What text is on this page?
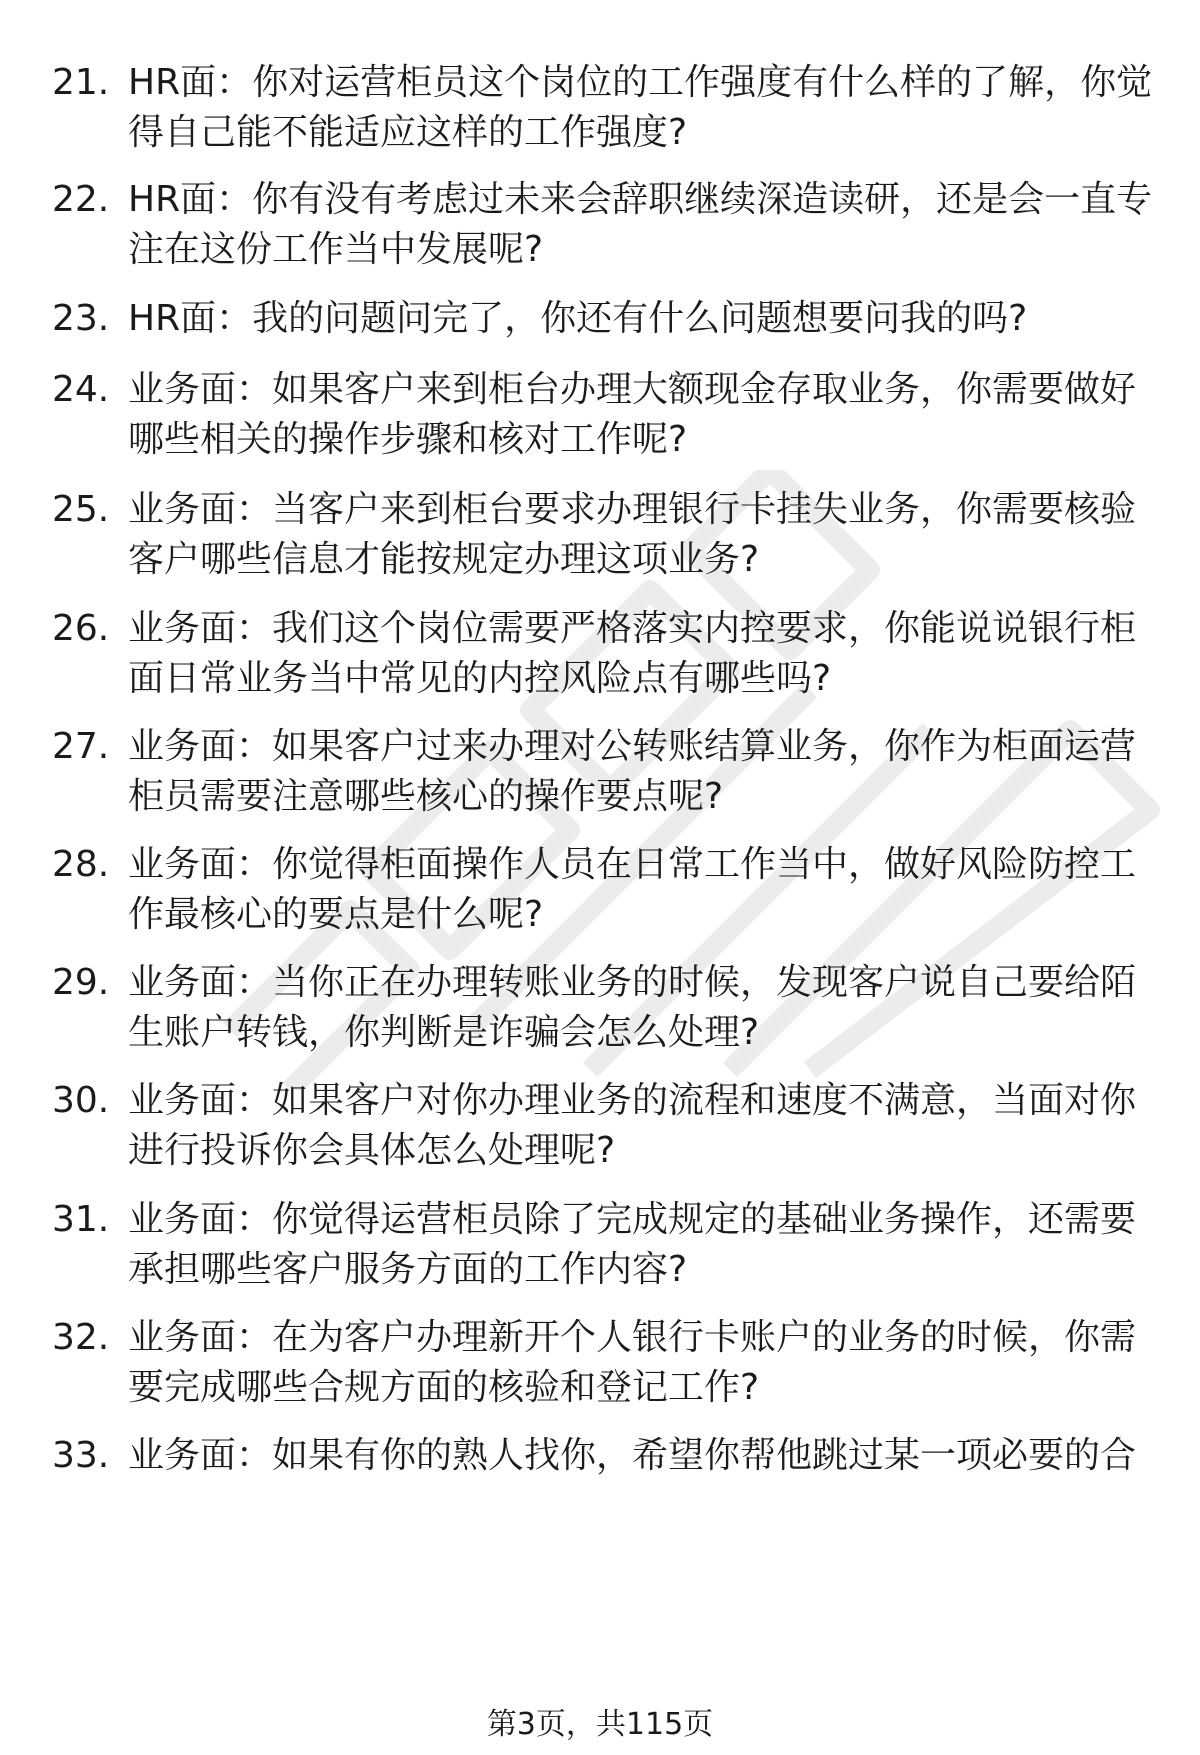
21. HR面：你对运营柜员这个岗位的工作强度有什么样的了解，你觉
得自己能不能适应这样的工作强度?
22. HR面：你有没有考虑过未来会辞职继续深造读研，还是会一直专
注在这份工作当中发展呢?
23. HR面：我的问题问完了，你还有什么问题想要问我的吗?
24. 业务面：如果客户来到柜台办理大额现金存取业务，你需要做好
哪些相关的操作步骤和核对工作呢?
25. 业务面：当客户来到柜台要求办理银行卡挂失业务，你需要核验
客户哪些信息才能按规定办理这项业务?
26. 业务面：我们这个岗位需要严格落实内控要求，你能说说银行柜
面日常业务当中常见的内控风险点有哪些吗?
27. 业务面：如果客户过来办理对公转账结算业务，你作为柜面运营
柜员需要注意哪些核心的操作要点呢?
28. 业务面：你觉得柜面操作人员在日常工作当中，做好风险防控工
作最核心的要点是什么呢?
29. 业务面：当你正在办理转账业务的时候，发现客户说自己要给陌
生账户转钱，你判断是诈骗会怎么处理?
30. 业务面：如果客户对你办理业务的流程和速度不满意，当面对你
进行投诉你会具体怎么处理呢?
31. 业务面：你觉得运营柜员除了完成规定的基础业务操作，还需要
承担哪些客户服务方面的工作内容?
32. 业务面：在为客户办理新开个人银行卡账户的业务的时候，你需
要完成哪些合规方面的核验和登记工作?
33. 业务面：如果有你的熟人找你，希望你帮他跳过某一项必要的合
第3页，共115页
